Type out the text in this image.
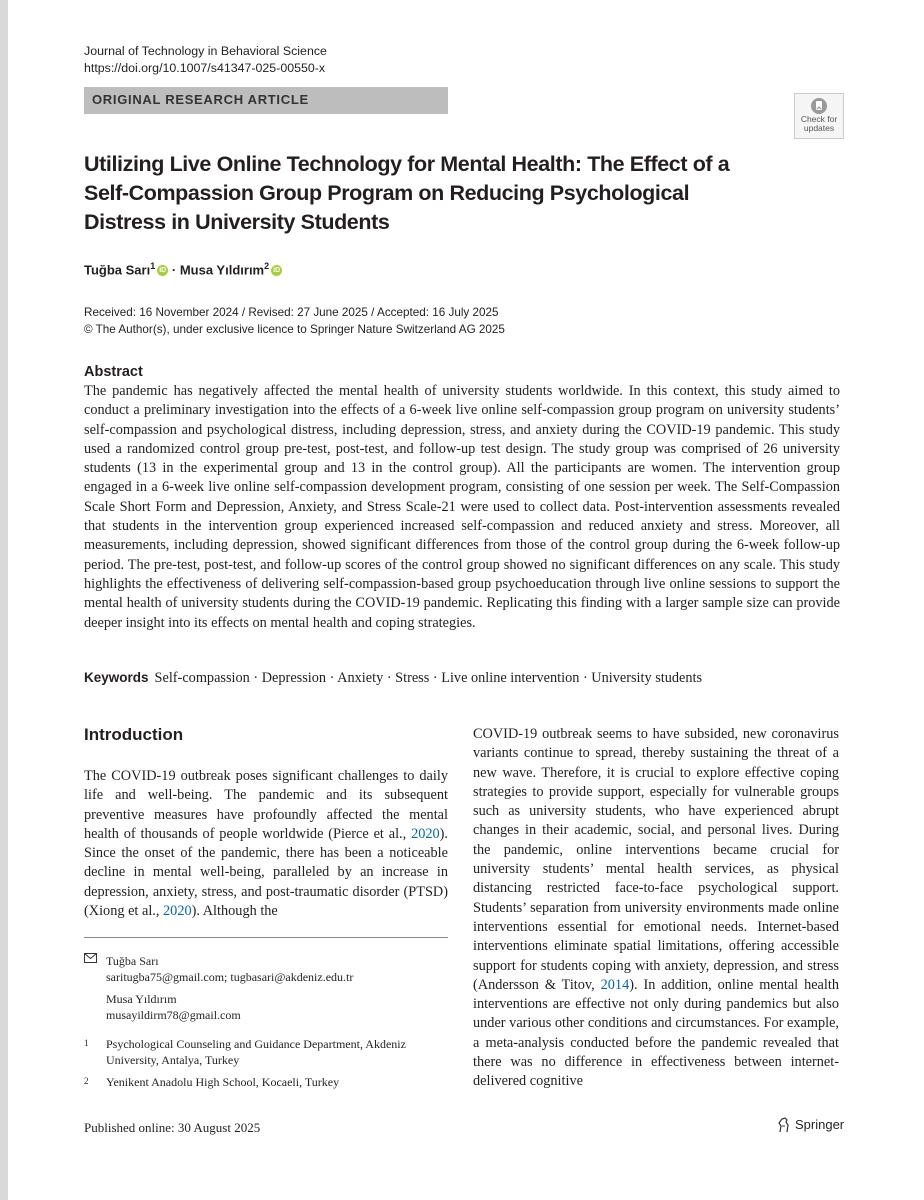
Journal of Technology in Behavioral Science
https://doi.org/10.1007/s41347-025-00550-x
ORIGINAL RESEARCH ARTICLE
Check for
updates
Utilizing Live Online Technology for Mental Health: The Effect of a Self-Compassion Group Program on Reducing Psychological Distress in University Students
Tuğba Sarı$^1$ iD · Musa Yıldırım$^2$ iD
Received: 16 November 2024 / Revised: 27 June 2025 / Accepted: 16 July 2025
© The Author(s), under exclusive licence to Springer Nature Switzerland AG 2025
Abstract
The pandemic has negatively affected the mental health of university students worldwide. In this context, this study aimed to conduct a preliminary investigation into the effects of a 6-week live online self-compassion group program on university students’ self-compassion and psychological distress, including depression, stress, and anxiety during the COVID-19 pandemic. This study used a randomized control group pre-test, post-test, and follow-up test design. The study group was comprised of 26 university students (13 in the experimental group and 13 in the control group). All the participants are women. The intervention group engaged in a 6-week live online self-compassion development program, consisting of one session per week. The Self-Compassion Scale Short Form and Depression, Anxiety, and Stress Scale-21 were used to collect data. Post-intervention assessments revealed that students in the intervention group experienced increased self-compassion and reduced anxiety and stress. Moreover, all measurements, including depression, showed significant differences from those of the control group during the 6-week follow-up period. The pre-test, post-test, and follow-up scores of the control group showed no significant differences on any scale. This study highlights the effectiveness of delivering self-compassion-based group psychoeducation through live online sessions to support the mental health of university students during the COVID-19 pandemic. Replicating this finding with a larger sample size can provide deeper insight into its effects on mental health and coping strategies.
Keywords Self-compassion · Depression · Anxiety · Stress · Live online intervention · University students
Introduction
The COVID-19 outbreak poses significant challenges to daily life and well-being. The pandemic and its subsequent preventive measures have profoundly affected the mental health of thousands of people worldwide (Pierce et al., 2020). Since the onset of the pandemic, there has been a noticeable decline in mental well-being, paralleled by an increase in depression, anxiety, stress, and post-traumatic disorder (PTSD) (Xiong et al., 2020). Although the
COVID-19 outbreak seems to have subsided, new coronavirus variants continue to spread, thereby sustaining the threat of a new wave. Therefore, it is crucial to explore effective coping strategies to provide support, especially for vulnerable groups such as university students, who have experienced abrupt changes in their academic, social, and personal lives. During the pandemic, online interventions became crucial for university students’ mental health services, as physical distancing restricted face-to-face psychological support. Students’ separation from university environments made online interventions essential for emotional needs. Internet-based interventions eliminate spatial limitations, offering accessible support for students coping with anxiety, depression, and stress (Andersson & Titov, 2014). In addition, online mental health interventions are effective not only during pandemics but also under various other conditions and circumstances. For example, a meta-analysis conducted before the pandemic revealed that there was no difference in effectiveness between internet-delivered cognitive
Tuğba Sarı
saritugba75@gmail.com; tugbasari@akdeniz.edu.tr
Musa Yıldırım
musayildirm78@gmail.com
1 Psychological Counseling and Guidance Department, Akdeniz University, Antalya, Turkey
2 Yenikent Anadolu High School, Kocaeli, Turkey
Published online: 30 August 2025	Springer
